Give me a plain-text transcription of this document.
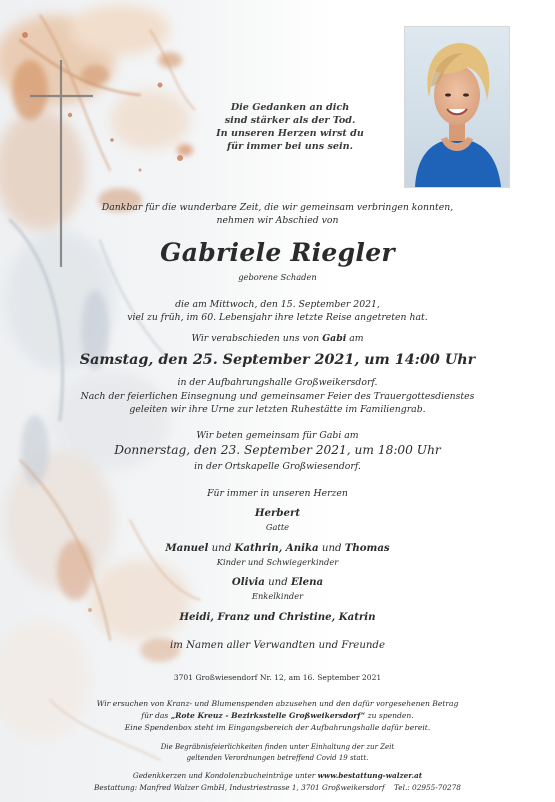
Die Gedanken an dich
sind stärker als der Tod.
In unseren Herzen wirst du
für immer bei uns sein.
Dankbar für die wunderbare Zeit, die wir gemeinsam verbringen konnten,
nehmen wir Abschied von
Gabriele Riegler
geborene Schaden
die am Mittwoch, den 15. September 2021,
viel zu früh, im 60. Lebensjahr ihre letzte Reise angetreten hat.
Wir verabschieden uns von Gabi am
Samstag, den 25. September 2021, um 14:00 Uhr
in der Aufbahrungshalle Großweikersdorf.
Nach der feierlichen Einsegnung und gemeinsamer Feier des Trauergottesdienstes
geleiten wir ihre Urne zur letzten Ruhestätte im Familiengrab.
Wir beten gemeinsam für Gabi am
Donnerstag, den 23. September 2021, um 18:00 Uhr
in der Ortskapelle Großwiesendorf.
Für immer in unseren Herzen
Herbert
Gatte
Manuel und Kathrin, Anika und Thomas
Kinder und Schwiegerkinder
Olivia und Elena
Enkelkinder
Heidi, Franz und Christine, Katrin
im Namen aller Verwandten und Freunde
3701 Großwiesendorf Nr. 12, am 16. September 2021
Wir ersuchen von Kranz- und Blumenspenden abzusehen und den dafür vorgesehenen Betrag
für das „Rote Kreuz - Bezirksstelle Großweikersdorf“ zu spenden.
Eine Spendenbox steht im Eingangsbereich der Aufbahrungshalle dafür bereit.
Die Begräbnisfeierlichkeiten finden unter Einhaltung der zur Zeit
geltenden Verordnungen betreffend Covid 19 statt.
Gedenkkerzen und Kondolenzbucheinträge unter www.bestattung-walzer.at
Bestattung: Manfred Walzer GmbH, Industriestrasse 1, 3701 Großweikersdorf    Tel.: 02955-70278
